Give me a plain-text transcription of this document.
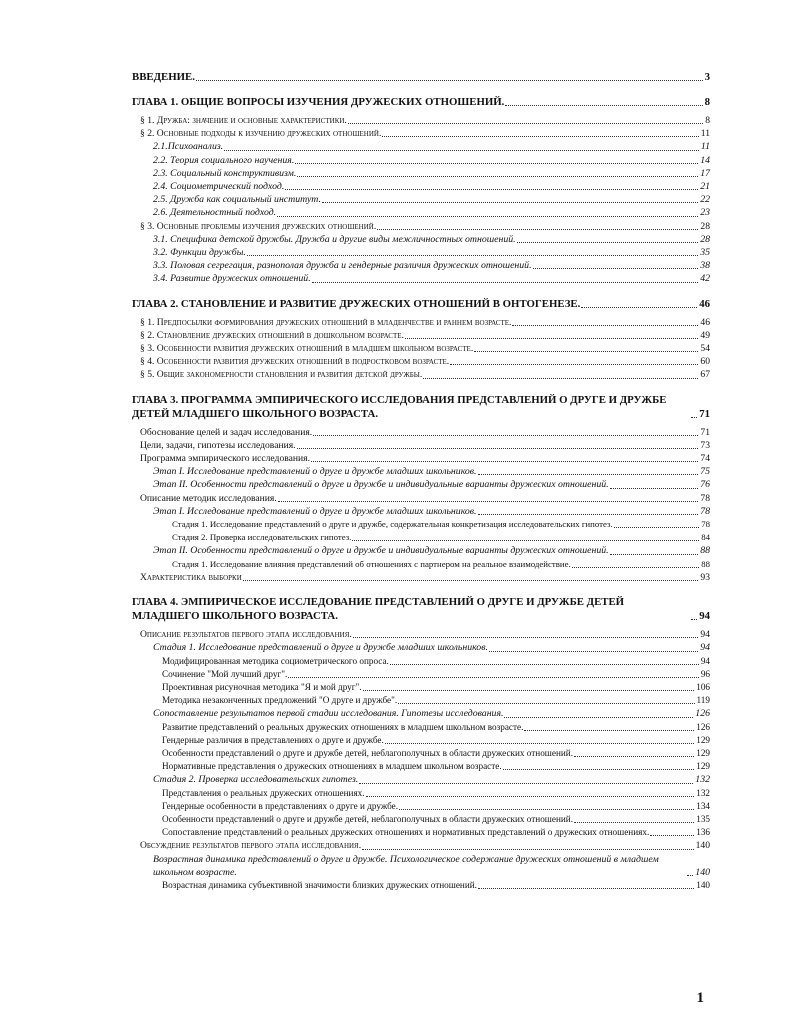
ВВЕДЕНИЕ.	3
ГЛАВА 1. ОБЩИЕ ВОПРОСЫ ИЗУЧЕНИЯ ДРУЖЕСКИХ ОТНОШЕНИЙ.	8
§ 1. Дружба: значение и основные характеристики.	8
§ 2. Основные подходы к изучению дружеских отношений.	11
2.1.Психоанализ.	11
2.2. Теория социального научения.	14
2.3. Социальный конструктивизм.	17
2.4. Социометрический подход.	21
2.5. Дружба как социальный институт.	22
2.6. Деятельностный подход.	23
§ 3. Основные проблемы изучения дружеских отношений.	28
3.1. Специфика детской дружбы. Дружба и другие виды межличностных отношений.	28
3.2. Функции дружбы.	35
3.3. Половая сегрегация, разнополая дружба и гендерные различия дружеских отношений.	38
3.4. Развитие дружеских отношений.	42
ГЛАВА 2. СТАНОВЛЕНИЕ И РАЗВИТИЕ ДРУЖЕСКИХ ОТНОШЕНИЙ В ОНТОГЕНЕЗЕ.	46
§ 1. Предпосылки формирования дружеских отношений в младенчестве и раннем возрасте.	46
§ 2. Становление дружеских отношений в дошкольном возрасте.	49
§ 3. Особенности развития дружеских отношений в младшем школьном возрасте.	54
§ 4. Особенности развития дружеских отношений в подростковом возрасте.	60
§ 5. Общие закономерности становления и развития детской дружбы.	67
ГЛАВА 3. ПРОГРАММА ЭМПИРИЧЕСКОГО ИССЛЕДОВАНИЯ ПРЕДСТАВЛЕНИЙ О ДРУГЕ И ДРУЖБЕ ДЕТЕЙ МЛАДШЕГО ШКОЛЬНОГО ВОЗРАСТА.	71
Обоснование целей и задач исследования.	71
Цели, задачи, гипотезы исследования.	73
Программа эмпирического исследования.	74
Этап I. Исследование представлений о друге и дружбе младших школьников.	75
Этап II. Особенности представлений о друге и дружбе и индивидуальные варианты дружеских отношений.	76
Описание методик исследования.	78
Этап I. Исследование представлений о друге и дружбе младших школьников.	78
Стадия 1. Исследование представлений о друге и дружбе, содержательная конкретизация исследовательских гипотез.	78
Стадия 2. Проверка исследовательских гипотез.	84
Этап II. Особенности представлений о друге и дружбе и индивидуальные варианты дружеских отношений.	88
Стадия 1. Исследование влияния представлений об отношениях с партнером на реальное взаимодействие.	88
Характеристика выборки	93
ГЛАВА 4. ЭМПИРИЧЕСКОЕ ИССЛЕДОВАНИЕ ПРЕДСТАВЛЕНИЙ О ДРУГЕ И ДРУЖБЕ ДЕТЕЙ МЛАДШЕГО ШКОЛЬНОГО ВОЗРАСТА.	94
Описание результатов первого этапа исследования.	94
Стадия 1. Исследование представлений о друге и дружбе младших школьников.	94
Модифицированная методика социометрического опроса.	94
Сочинение "Мой лучший друг".	96
Проективная рисуночная методика "Я и мой друг".	106
Методика незаконченных предложений "О друге и дружбе".	119
Сопоставление результатов первой стадии исследования. Гипотезы исследования.	126
Развитие представлений о реальных дружеских отношениях в младшем школьном возрасте.	126
Гендерные различия в представлениях о друге и дружбе.	129
Особенности представлений о друге и дружбе детей, неблагополучных в области дружеских отношений.	129
Нормативные представления о дружеских отношениях в младшем школьном возрасте.	129
Стадия 2. Проверка исследовательских гипотез.	132
Представления о реальных дружеских отношениях.	132
Гендерные особенности в представлениях о друге и дружбе.	134
Особенности представлений о друге и дружбе детей, неблагополучных в области дружеских отношений.	135
Сопоставление представлений о реальных дружеских отношениях и нормативных представлений о дружеских отношениях.	136
Обсуждение результатов первого этапа исследования.	140
Возрастная динамика представлений о друге и дружбе. Психологическое содержание дружеских отношений в младшем школьном возрасте.	140
Возрастная динамика субъективной значимости близких дружеских отношений.	140
1
